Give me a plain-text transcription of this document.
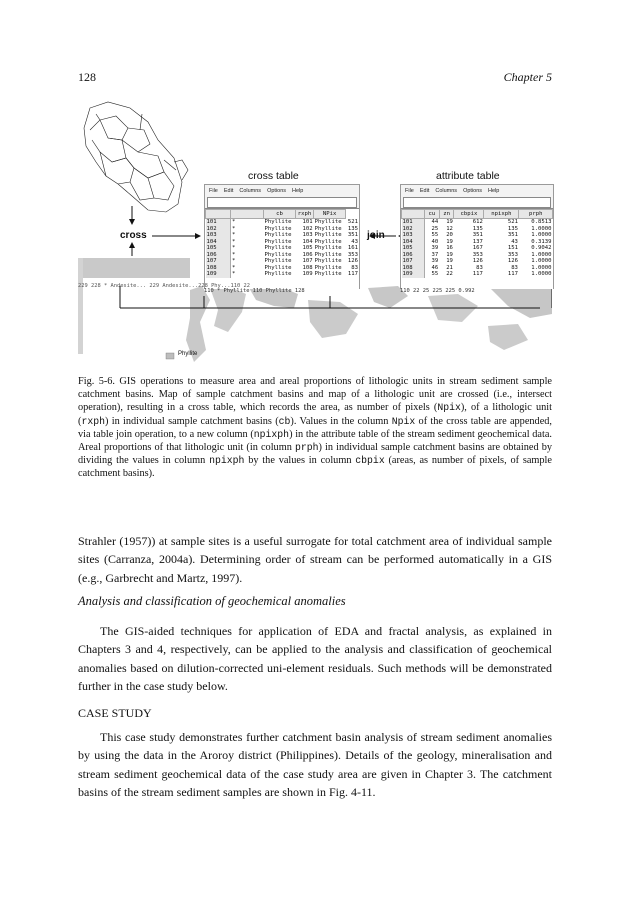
128	Chapter 5
cross table	attribute table
cross	join
Phyllite
File Edit Columns Options Help
		cb	rxph	NPix	
101	*	Phyllite	101	Phyllite	521
102	*	Phyllite	102	Phyllite	135
103	*	Phyllite	103	Phyllite	351
104	*	Phyllite	104	Phyllite	43
105	*	Phyllite	105	Phyllite	161
106	*	Phyllite	106	Phyllite	353
107	*	Phyllite	107	Phyllite	126
108	*	Phyllite	108	Phyllite	83
109	*	Phyllite	109	Phyllite	117
110 * Phyllite 110 Phyllite 128
File Edit Columns Options Help
	cu	zn	cbpix	npixph	prph
101	44	19	612	521	0.8513
102	25	12	135	135	1.0000
103	55	20	351	351	1.0000
104	40	19	137	43	0.3139
105	39	16	167	151	0.9042
106	37	19	353	353	1.0000
107	39	19	126	126	1.0000
108	46	21	83	83	1.0000
109	55	22	117	117	1.0000
110 22 25 225 225 0.992
229 228 * Andesite... 229 Andesite...228 Phy...110 22
Fig. 5-6. GIS operations to measure area and areal proportions of lithologic units in stream sediment sample catchment basins. Map of sample catchment basins and map of a lithologic unit are crossed (i.e., intersect operation), resulting in a cross table, which records the area, as number of pixels (Npix), of a lithologic unit (rxph) in individual sample catchment basins (cb). Values in the column Npix of the cross table are appended, via table join operation, to a new column (npixph) in the attribute table of the stream sediment geochemical data. Areal proportions of that lithologic unit (in column prph) in individual sample catchment basins are obtained by dividing the values in column npixph by the values in column cbpix (areas, as number of pixels, of sample catchment basins).

Strahler (1957)) at sample sites is a useful surrogate for total catchment area of individual sample sites (Carranza, 2004a). Determining order of stream can be performed automatically in a GIS (e.g., Garbrecht and Martz, 1997).

Analysis and classification of geochemical anomalies

The GIS-aided techniques for application of EDA and fractal analysis, as explained in Chapters 3 and 4, respectively, can be applied to the analysis and classification of geochemical anomalies based on dilution-corrected uni-element residuals. Such methods will be demonstrated further in the case study below.

CASE STUDY

This case study demonstrates further catchment basin analysis of stream sediment anomalies by using the data in the Aroroy district (Philippines). Details of the geology, mineralisation and stream sediment geochemical data of the case study area are given in Chapter 3. The catchment basins of the stream sediment samples are shown in Fig. 4-11.
